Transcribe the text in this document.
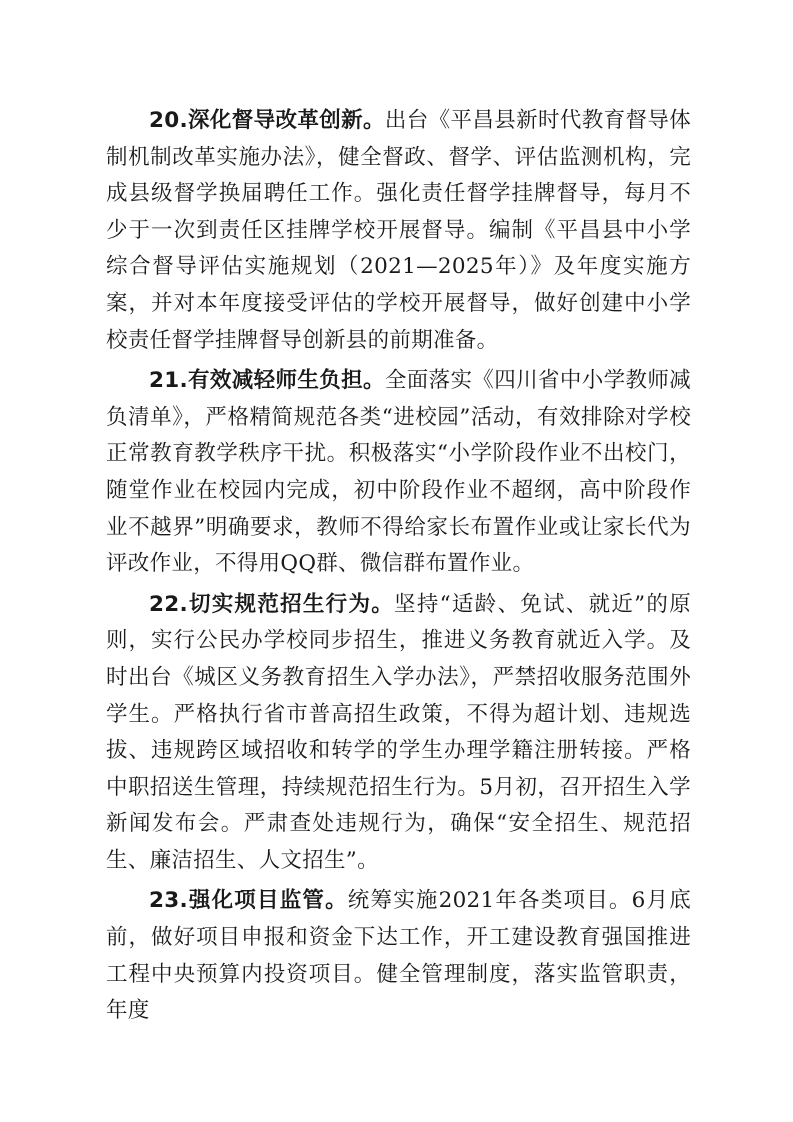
20.深化督导改革创新。出台《平昌县新时代教育督导体制机制改革实施办法》，健全督政、督学、评估监测机构，完成县级督学换届聘任工作。强化责任督学挂牌督导，每月不少于一次到责任区挂牌学校开展督导。编制《平昌县中小学综合督导评估实施规划（2021—2025年）》及年度实施方案，并对本年度接受评估的学校开展督导，做好创建中小学校责任督学挂牌督导创新县的前期准备。

21.有效减轻师生负担。全面落实《四川省中小学教师减负清单》，严格精简规范各类“进校园”活动，有效排除对学校正常教育教学秩序干扰。积极落实“小学阶段作业不出校门，随堂作业在校园内完成，初中阶段作业不超纲，高中阶段作业不越界”明确要求，教师不得给家长布置作业或让家长代为评改作业，不得用QQ群、微信群布置作业。

22.切实规范招生行为。坚持“适龄、免试、就近”的原则，实行公民办学校同步招生，推进义务教育就近入学。及时出台《城区义务教育招生入学办法》，严禁招收服务范围外学生。严格执行省市普高招生政策，不得为超计划、违规选拔、违规跨区域招收和转学的学生办理学籍注册转接。严格中职招送生管理，持续规范招生行为。5月初，召开招生入学新闻发布会。严肃查处违规行为，确保“安全招生、规范招生、廉洁招生、人文招生”。

23.强化项目监管。统筹实施2021年各类项目。6月底前，做好项目申报和资金下达工作，开工建设教育强国推进工程中央预算内投资项目。健全管理制度，落实监管职责，年度
